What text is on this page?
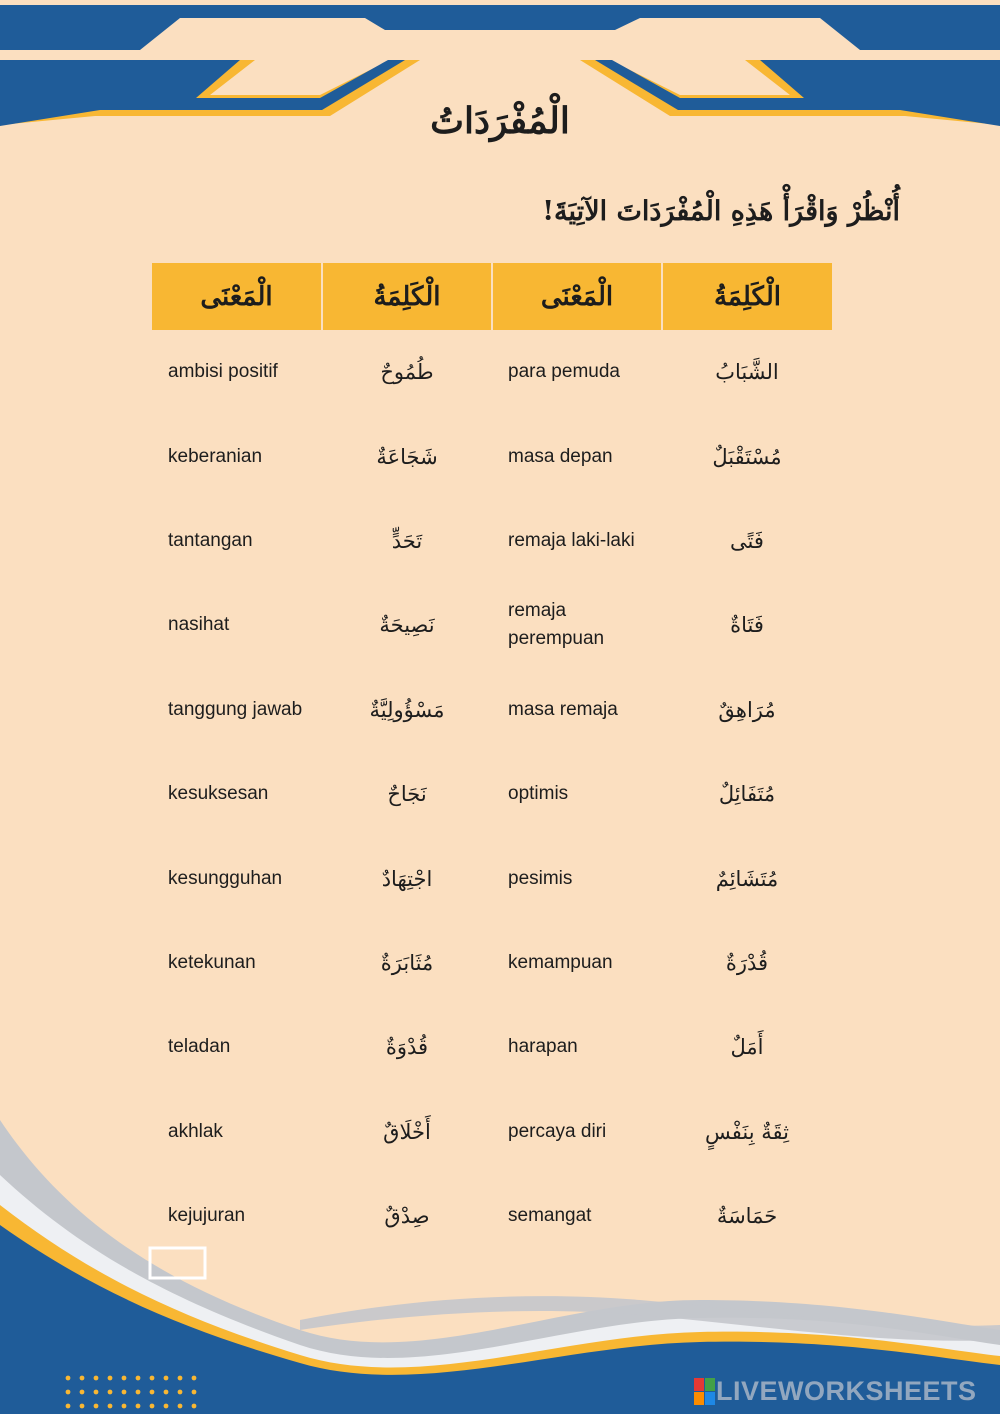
الْمُفْرَدَاتُ
أُنْظُرْ وَاقْرَأْ هَذِهِ الْمُفْرَدَاتَ الآتِيَةَ!
الْمَعْنَى	الْكَلِمَةُ	الْمَعْنَى	الْكَلِمَةُ
ambisi positif	طُمُوحٌ	para pemuda	الشَّبَابُ
keberanian	شَجَاعَةٌ	masa depan	مُسْتَقْبَلٌ
tantangan	تَحَدٍّ	remaja laki-laki	فَتًى
nasihat	نَصِيحَةٌ	remaja perempuan	فَتَاةٌ
tanggung jawab	مَسْؤُولِيَّةٌ	masa remaja	مُرَاهِقٌ
kesuksesan	نَجَاحٌ	optimis	مُتَفَائِلٌ
kesungguhan	اجْتِهَادٌ	pesimis	مُتَشَائِمٌ
ketekunan	مُثَابَرَةٌ	kemampuan	قُدْرَةٌ
teladan	قُدْوَةٌ	harapan	أَمَلٌ
akhlak	أَخْلَاقٌ	percaya diri	ثِقَةٌ بِنَفْسٍ
kejujuran	صِدْقٌ	semangat	حَمَاسَةٌ
LIVEWORKSHEETS
